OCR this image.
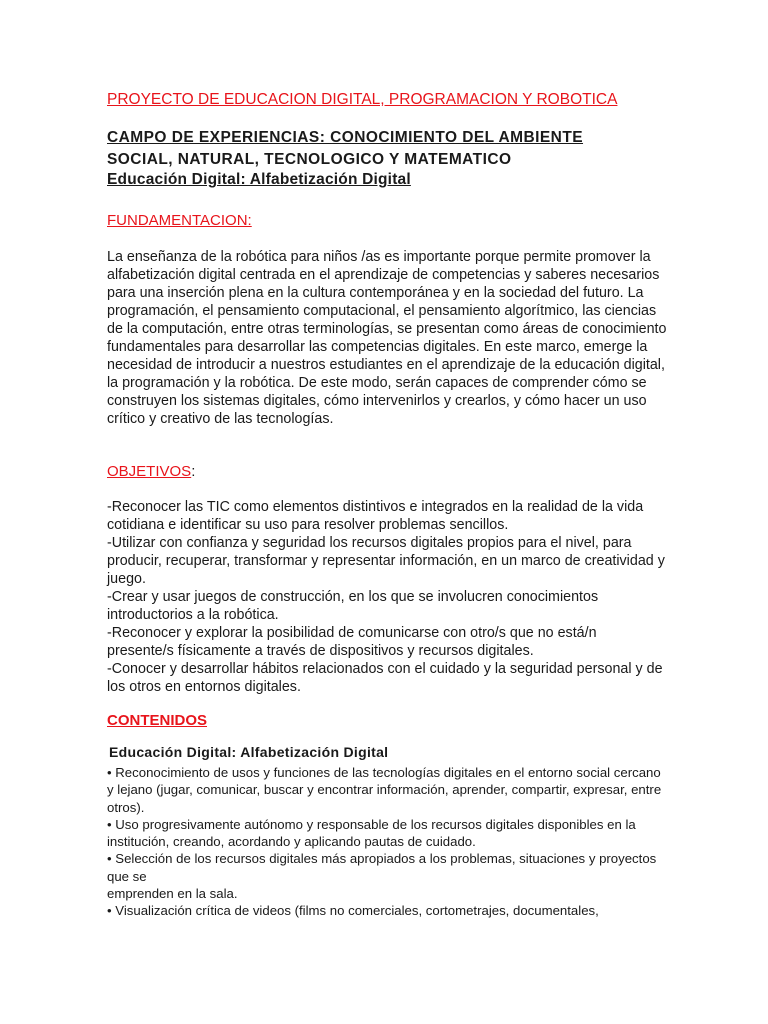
PROYECTO DE EDUCACION DIGITAL, PROGRAMACION Y ROBOTICA

CAMPO DE EXPERIENCIAS: CONOCIMIENTO DEL AMBIENTE
SOCIAL, NATURAL, TECNOLOGICO Y MATEMATICO

Educación Digital: Alfabetización Digital

FUNDAMENTACION:

La enseñanza de la robótica para niños /as es importante porque permite promover la alfabetización digital centrada en el aprendizaje de competencias y saberes necesarios para una inserción plena en la cultura contemporánea y en la sociedad del futuro. La programación, el pensamiento computacional, el pensamiento algorítmico, las ciencias de la computación, entre otras terminologías, se presentan como áreas de conocimiento fundamentales para desarrollar las competencias digitales. En este marco, emerge la necesidad de introducir a nuestros estudiantes en el aprendizaje de la educación digital, la programación y la robótica. De este modo, serán capaces de comprender cómo se construyen los sistemas digitales, cómo intervenirlos y crearlos, y cómo hacer un uso crítico y creativo de las tecnologías.

OBJETIVOS:

-Reconocer las TIC como elementos distintivos e integrados en la realidad de la vida cotidiana e identificar su uso para resolver problemas sencillos.
-Utilizar con confianza y seguridad los recursos digitales propios para el nivel, para producir, recuperar, transformar y representar información, en un marco de creatividad y juego.
-Crear y usar juegos de construcción, en los que se involucren conocimientos introductorios a la robótica.
-Reconocer y explorar la posibilidad de comunicarse con otro/s que no está/n presente/s físicamente a través de dispositivos y recursos digitales.
-Conocer y desarrollar hábitos relacionados con el cuidado y la seguridad personal y de los otros en entornos digitales.

CONTENIDOS

Educación Digital: Alfabetización Digital

• Reconocimiento de usos y funciones de las tecnologías digitales en el entorno social cercano y lejano (jugar, comunicar, buscar y encontrar información, aprender, compartir, expresar, entre otros).
• Uso progresivamente autónomo y responsable de los recursos digitales disponibles en la institución, creando, acordando y aplicando pautas de cuidado.
• Selección de los recursos digitales más apropiados a los problemas, situaciones y proyectos que se
emprenden en la sala.
• Visualización crítica de videos (films no comerciales, cortometrajes, documentales,
